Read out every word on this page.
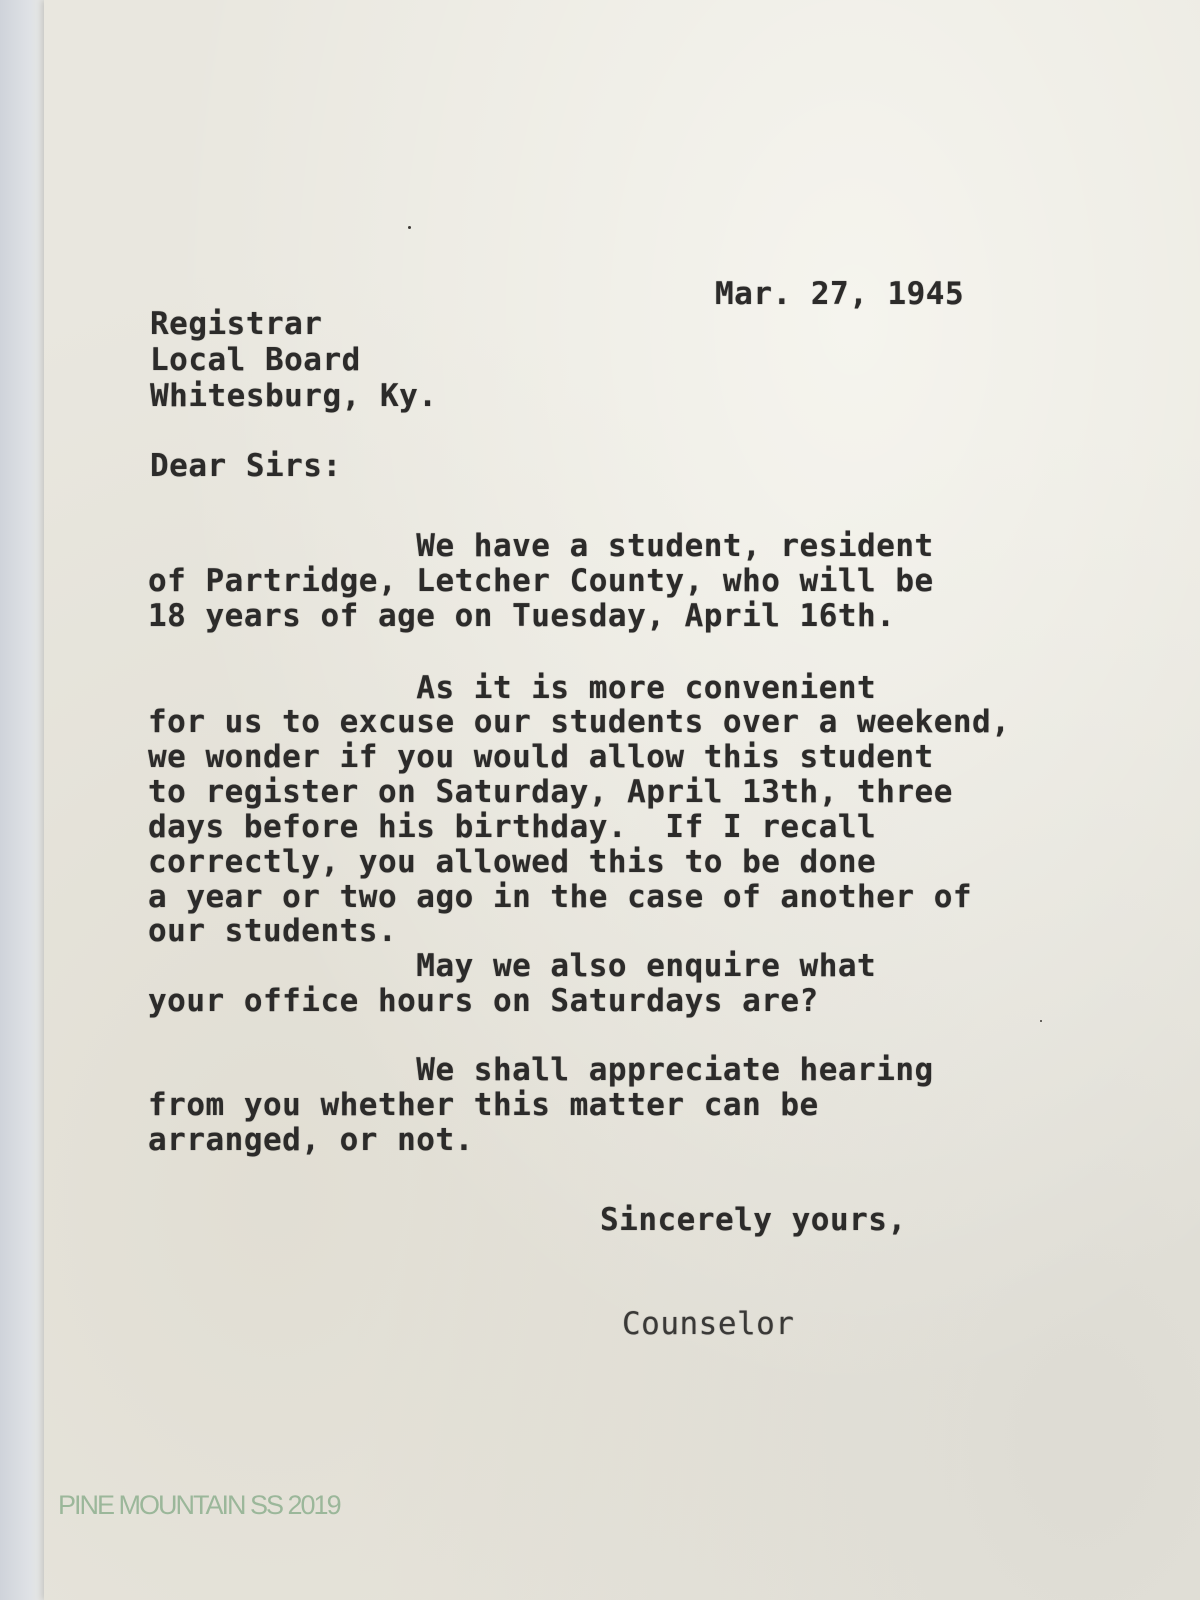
Mar. 27, 1945

Registrar

Local Board

Whitesburg, Ky.

Dear Sirs:

We have a student, resident

of Partridge, Letcher County, who will be

18 years of age on Tuesday, April 16th.

As it is more convenient

for us to excuse our students over a weekend,

we wonder if you would allow this student

to register on Saturday, April 13th, three

days before his birthday.  If I recall

correctly, you allowed this to be done

a year or two ago in the case of another of

our students.

May we also enquire what

your office hours on Saturdays are?

We shall appreciate hearing

from you whether this matter can be

arranged, or not.

Sincerely yours,

Counselor

PINE MOUNTAIN SS 2019
